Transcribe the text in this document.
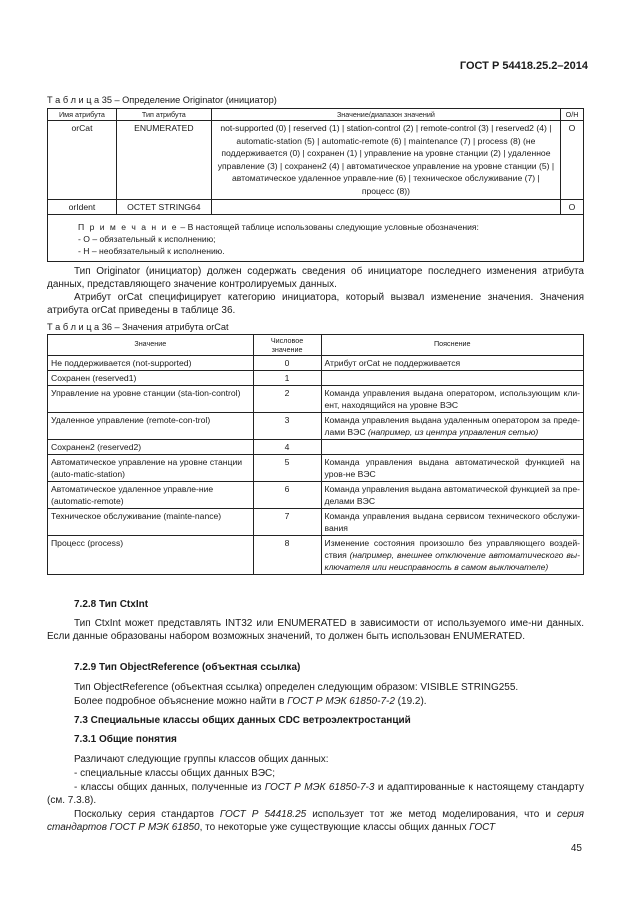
ГОСТ Р 54418.25.2–2014
Т а б л и ц а 35 – Определение Originator (инициатор)
Имя атрибута	Тип атрибута	Значение/диапазон значений	О/Н
orCat	ENUMERATED	not-supported (0) | reserved (1) | station-control (2) | remote-control (3) | reserved2 (4) | automatic-station (5) | automatic-remote (6) | maintenance (7) | process (8) (не поддерживается (0) | сохранен (1) | управление на уровне станции (2) | удаленное управление (3) | сохранен2 (4) | автоматическое управление на уровне станции (5) | автоматическое удаленное управле-ние (6) | техническое обслуживание (7) | процесс (8))	O
orIdent	OCTET STRING64		O

П р и м е ч а н и е – В настоящей таблице использованы следующие условные обозначения:
- О – обязательный к исполнению;
- Н – необязательный к исполнению.			

Тип Originator (инициатор) должен содержать сведения об инициаторе последнего изменения атрибута данных, представляющего значение контролируемых данных.

Атрибут orCat специфицирует категорию инициатора, который вызвал изменение значения. Значения атрибута orCat приведены в таблице 36.

Т а б л и ц а 36 – Значения атрибута orCat
Значение	Числовое значение	Пояснение
Не поддерживается (not-supported)	0	Атрибут orCat не поддерживается
Сохранен (reserved1)	1	
Управление на уровне станции (sta-tion-control)	2	Команда управления выдана оператором, использующим кли-ент, находящийся на уровне ВЭС
Удаленное управление (remote-con-trol)	3	Команда управления выдана удаленным оператором за преде-лами ВЭС (например, из центра управления сетью)
Сохранен2 (reserved2)	4	
Автоматическое управление на уровне станции (auto-matic-station)	5	Команда управления выдана автоматической функцией на уров-не ВЭС
Автоматическое удаленное управле-ние (automatic-remote)	6	Команда управления выдана автоматической функцией за пре-делами ВЭС
Техническое обслуживание (mainte-nance)	7	Команда управления выдана сервисом технического обслужи-вания
Процесс (process)	8	Изменение состояния произошло без управляющего воздей-ствия (например, внешнее отключение автоматического вы-ключателя или неисправность в самом выключателе)

7.2.8 Тип CtxInt

Тип CtxInt может представлять INT32 или ENUMERATED в зависимости от используемого име-ни данных. Если данные образованы набором возможных значений, то должен быть использован ENUMERATED.

7.2.9 Тип ObjectReference (объектная ссылка)

Тип ObjectReference (объектная ссылка) определен следующим образом: VISIBLE STRING255.

Более подробное объяснение можно найти в ГОСТ Р МЭК 61850-7-2 (19.2).

7.3 Специальные классы общих данных CDC ветроэлектростанций

7.3.1 Общие понятия

Различают следующие группы классов общих данных:

- специальные классы общих данных ВЭС;

- классы общих данных, полученные из ГОСТ Р МЭК 61850-7-3 и адаптированные к настоящему стандарту (см. 7.3.8).

Поскольку серия стандартов ГОСТ Р 54418.25 использует тот же метод моделирования, что и серия стандартов ГОСТ Р МЭК 61850, то некоторые уже существующие классы общих данных ГОСТ

45
